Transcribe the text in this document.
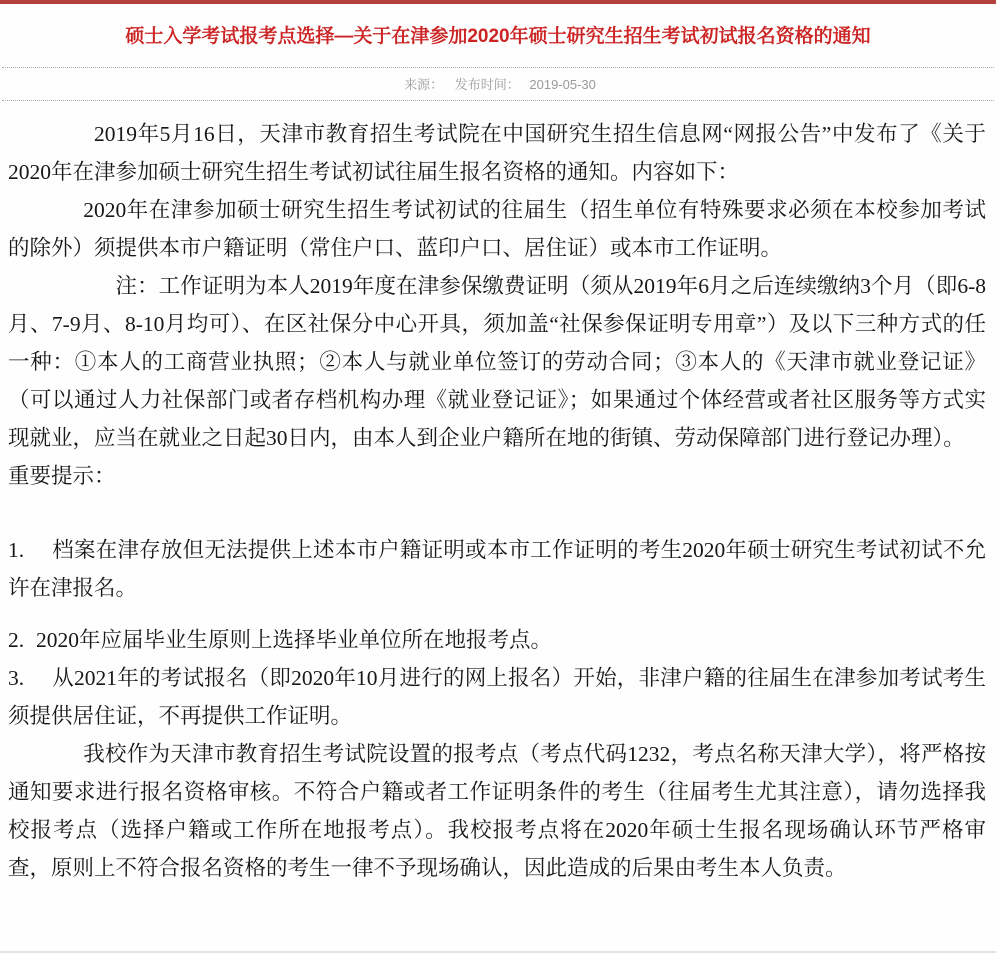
硕士入学考试报考点选择—关于在津参加2020年硕士研究生招生考试初试报名资格的通知
来源： 发布时间： 2019-05-30

2019年5月16日，天津市教育招生考试院在中国研究生招生信息网“网报公告”中发布了《关于2020年在津参加硕士研究生招生考试初试往届生报名资格的通知。内容如下：

2020年在津参加硕士研究生招生考试初试的往届生（招生单位有特殊要求必须在本校参加考试的除外）须提供本市户籍证明（常住户口、蓝印户口、居住证）或本市工作证明。

注：工作证明为本人2019年度在津参保缴费证明（须从2019年6月之后连续缴纳3个月（即6-8月、7-9月、8-10月均可）、在区社保分中心开具，须加盖“社保参保证明专用章”）及以下三种方式的任一种：①本人的工商营业执照；②本人与就业单位签订的劳动合同；③本人的《天津市就业登记证》（可以通过人力社保部门或者存档机构办理《就业登记证》；如果通过个体经营或者社区服务等方式实现就业，应当在就业之日起30日内，由本人到企业户籍所在地的街镇、劳动保障部门进行登记办理）。

重要提示：

1. 档案在津存放但无法提供上述本市户籍证明或本市工作证明的考生2020年硕士研究生考试初试不允许在津报名。
2. 2020年应届毕业生原则上选择毕业单位所在地报考点。
3. 从2021年的考试报名（即2020年10月进行的网上报名）开始，非津户籍的往届生在津参加考试考生须提供居住证，不再提供工作证明。

我校作为天津市教育招生考试院设置的报考点（考点代码1232，考点名称天津大学），将严格按通知要求进行报名资格审核。不符合户籍或者工作证明条件的考生（往届考生尤其注意），请勿选择我校报考点（选择户籍或工作所在地报考点）。我校报考点将在2020年硕士生报名现场确认环节严格审查，原则上不符合报名资格的考生一律不予现场确认，因此造成的后果由考生本人负责。
